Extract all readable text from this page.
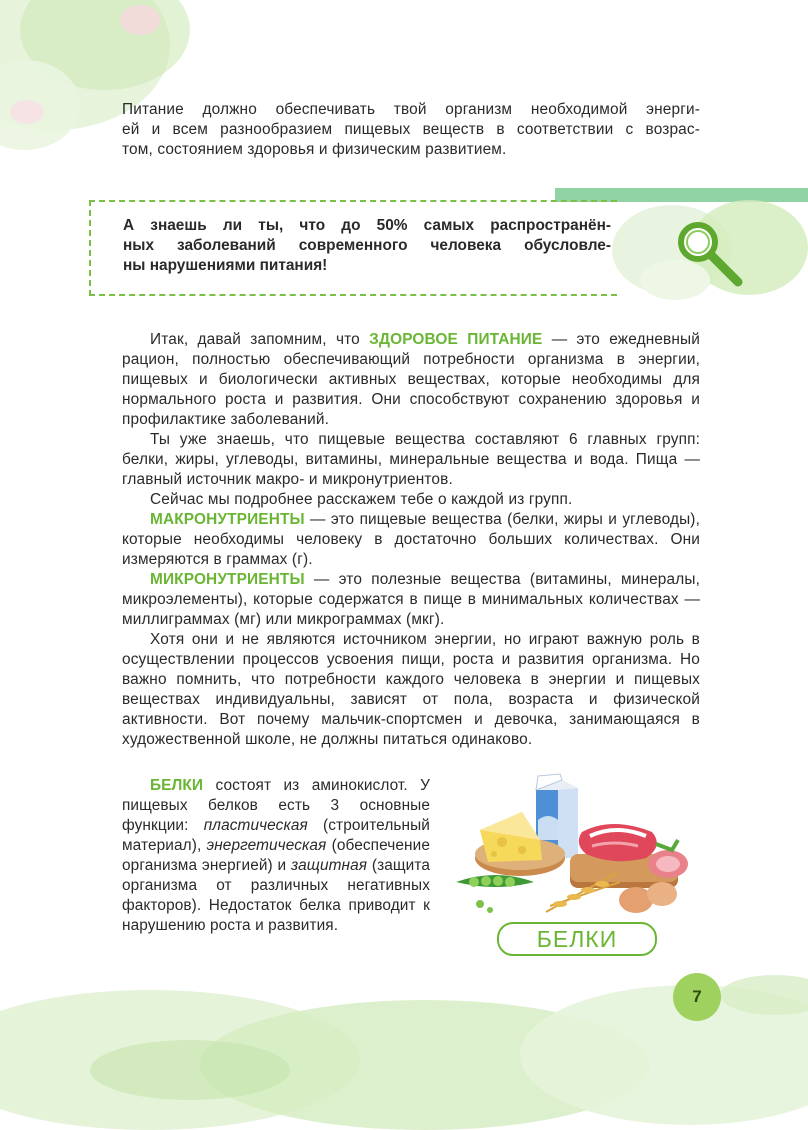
Питание должно обеспечивать твой организм необходимой энерги-

ей и всем разнообразием пищевых веществ в соответствии с возрас-

том, состоянием здоровья и физическим развитием.

А знаешь ли ты, что до 50% самых распространён-
ных заболеваний современного человека обусловле-
ны нарушениями питания!

Итак, давай запомним, что ЗДОРОВОЕ ПИТАНИЕ — это ежедневный рацион, полностью обеспечивающий потребности организма в энергии, пищевых и биологически активных веществах, которые необходимы для нормального роста и развития. Они способствуют сохранению здоровья и профилактике заболеваний.

Ты уже знаешь, что пищевые вещества составляют 6 главных групп: белки, жиры, углеводы, витамины, минеральные вещества и вода. Пища — главный источник макро- и микронутриентов.

Сейчас мы подробнее расскажем тебе о каждой из групп.

МАКРОНУТРИЕНТЫ — это пищевые вещества (белки, жиры и углеводы), которые необходимы человеку в достаточно больших количествах. Они измеряются в граммах (г).

МИКРОНУТРИЕНТЫ — это полезные вещества (витамины, минералы, микроэлементы), которые содержатся в пище в минимальных количествах — миллиграммах (мг) или микрограммах (мкг).

Хотя они и не являются источником энергии, но играют важную роль в осуществлении процессов усвоения пищи, роста и развития организма. Но важно помнить, что потребности каждого человека в энергии и пищевых веществах индивидуальны, зависят от пола, возраста и физической активности. Вот почему мальчик-спортсмен и девочка, занимающаяся в художественной школе, не должны питаться одинаково.

БЕЛКИ состоят из аминокислот. У пищевых белков есть 3 основные функции: пластическая (строительный материал), энергетическая (обеспечение организма энергией) и защитная (защита организма от различных негативных факторов). Недостаток белка приводит к нарушению роста и развития.

БЕЛКИ
7
